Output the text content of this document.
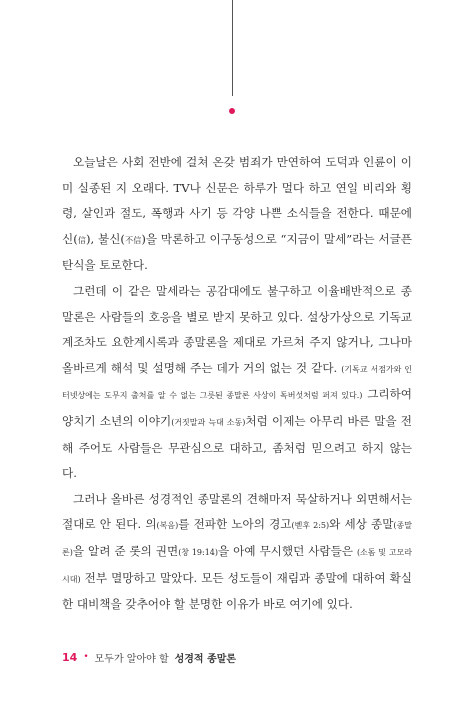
오늘날은 사회 전반에 걸쳐 온갖 범죄가 만연하여 도덕과 인륜이 이미 실종된 지 오래다. TV나 신문은 하루가 멀다 하고 연일 비리와 횡령, 살인과 절도, 폭행과 사기 등 각양 나쁜 소식들을 전한다. 때문에 신(信), 불신(不信)을 막론하고 이구동성으로 “지금이 말세”라는 서글픈 탄식을 토로한다.

그런데 이 같은 말세라는 공감대에도 불구하고 이율배반적으로 종말론은 사람들의 호응을 별로 받지 못하고 있다. 설상가상으로 기독교계조차도 요한계시록과 종말론을 제대로 가르쳐 주지 않거나, 그나마 올바르게 해석 및 설명해 주는 데가 거의 없는 것 같다. (기독교 서점가와 인터넷상에는 도무지 출처를 알 수 없는 그릇된 종말론 사상이 독버섯처럼 퍼져 있다.) 그리하여 양치기 소년의 이야기(거짓말과 늑대 소동)처럼 이제는 아무리 바른 말을 전해 주어도 사람들은 무관심으로 대하고, 좀처럼 믿으려고 하지 않는다.

그러나 올바른 성경적인 종말론의 견해마저 묵살하거나 외면해서는 절대로 안 된다. 의(복음)를 전파한 노아의 경고(벧후 2:5)와 세상 종말(종말론)을 알려 준 롯의 권면(창 19:14)을 아예 무시했던 사람들은 (소돔 및 고모라 시대) 전부 멸망하고 말았다. 모든 성도들이 재림과 종말에 대하여 확실한 대비책을 갖추어야 할 분명한 이유가 바로 여기에 있다.

14 • 모두가 알아야 할 성경적 종말론
